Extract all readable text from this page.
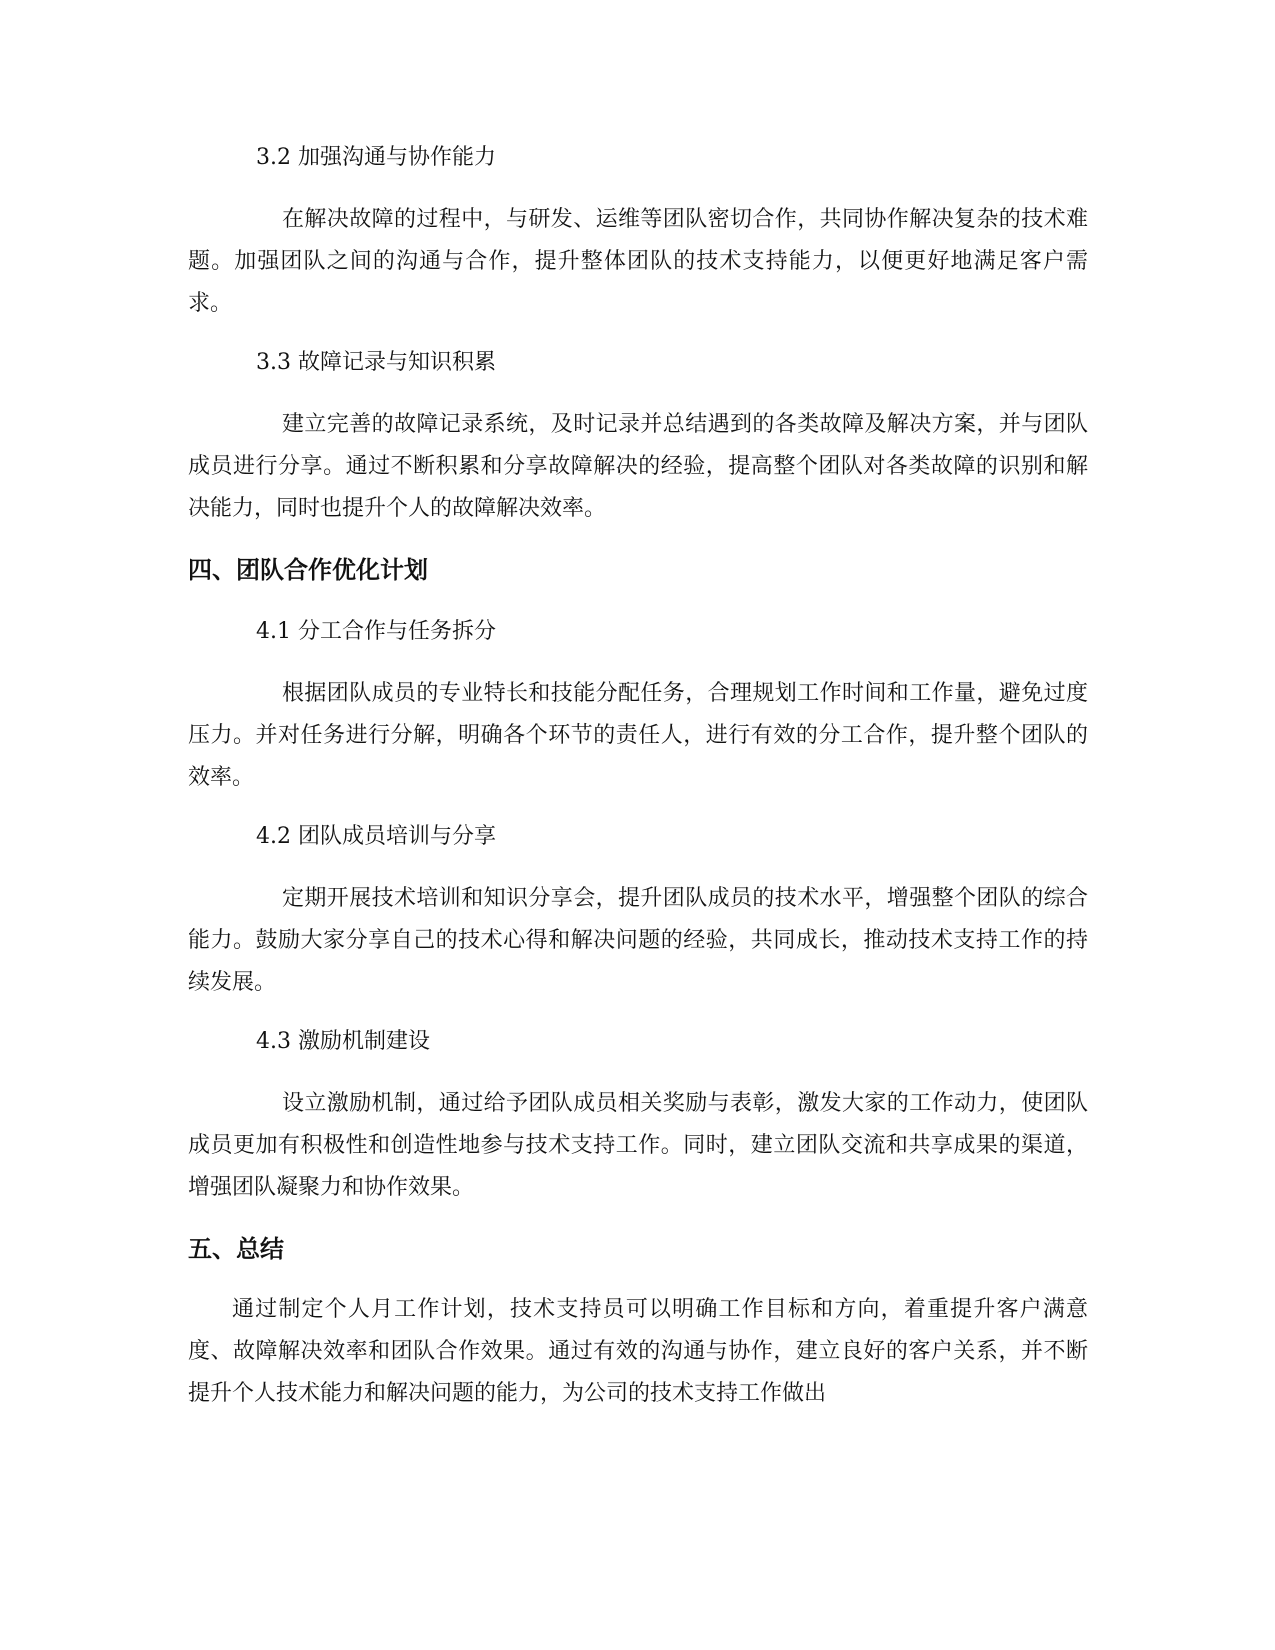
3.2 加强沟通与协作能力
在解决故障的过程中，与研发、运维等团队密切合作，共同协作解决复杂的技术难题。加强团队之间的沟通与合作，提升整体团队的技术支持能力，以便更好地满足客户需求。
3.3 故障记录与知识积累
建立完善的故障记录系统，及时记录并总结遇到的各类故障及解决方案，并与团队成员进行分享。通过不断积累和分享故障解决的经验，提高整个团队对各类故障的识别和解决能力，同时也提升个人的故障解决效率。
四、团队合作优化计划
4.1 分工合作与任务拆分
根据团队成员的专业特长和技能分配任务，合理规划工作时间和工作量，避免过度压力。并对任务进行分解，明确各个环节的责任人，进行有效的分工合作，提升整个团队的效率。
4.2 团队成员培训与分享
定期开展技术培训和知识分享会，提升团队成员的技术水平，增强整个团队的综合能力。鼓励大家分享自己的技术心得和解决问题的经验，共同成长，推动技术支持工作的持续发展。
4.3 激励机制建设
设立激励机制，通过给予团队成员相关奖励与表彰，激发大家的工作动力，使团队成员更加有积极性和创造性地参与技术支持工作。同时，建立团队交流和共享成果的渠道，增强团队凝聚力和协作效果。
五、总结
通过制定个人月工作计划，技术支持员可以明确工作目标和方向，着重提升客户满意度、故障解决效率和团队合作效果。通过有效的沟通与协作，建立良好的客户关系，并不断提升个人技术能力和解决问题的能力，为公司的技术支持工作做出
